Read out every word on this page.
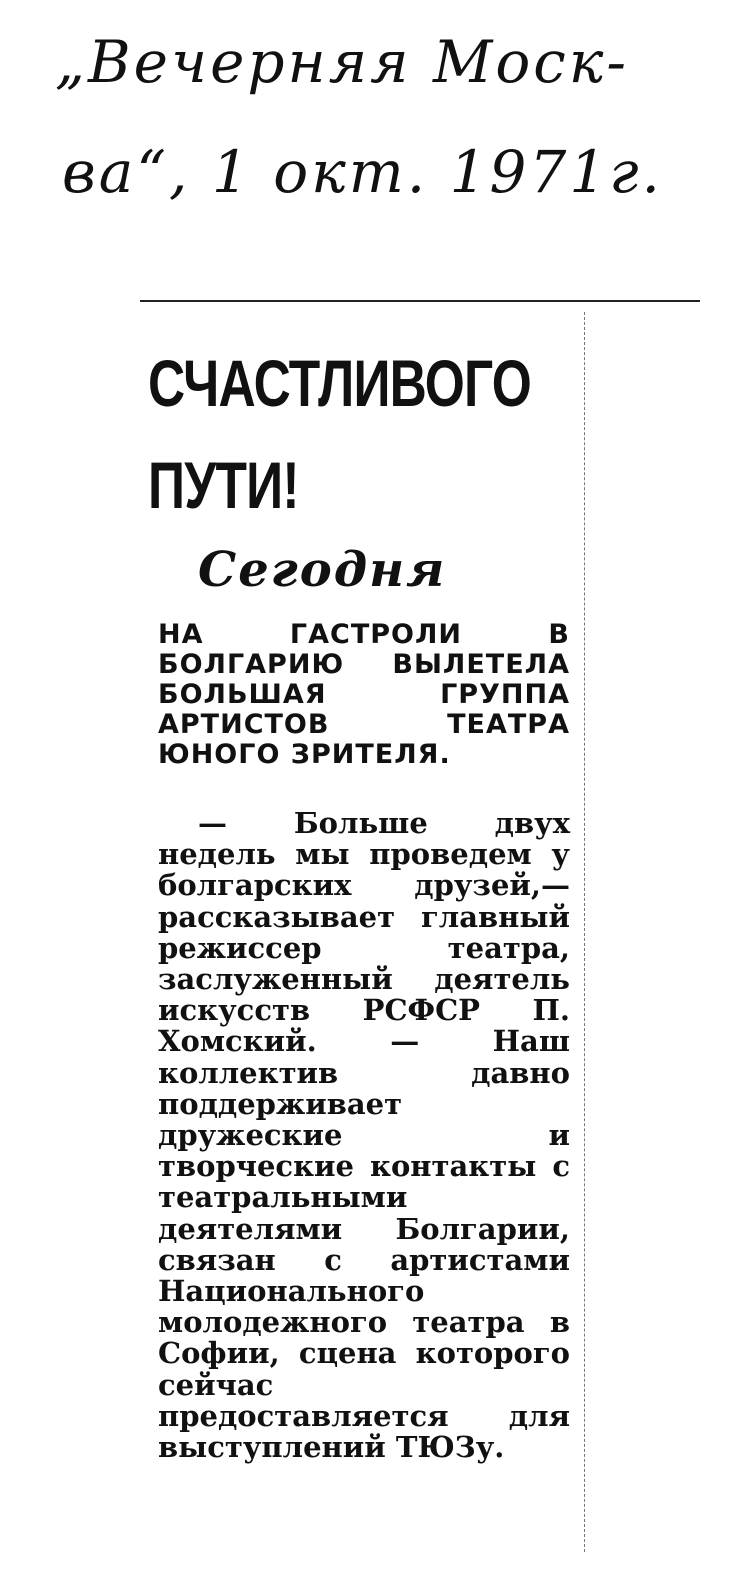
„Вечерняя Моск-
ва“, 1 окт. 1971г.
СЧАСТЛИВОГО
ПУТИ!
Сегодня
НА ГАСТРОЛИ В БОЛГАРИЮ ВЫЛЕТЕЛА БОЛЬШАЯ ГРУППА АРТИСТОВ ТЕАТРА ЮНОГО ЗРИТЕЛЯ.
— Больше двух недель мы проведем у болгарских друзей,— рассказывает главный режиссер театра, заслуженный деятель искусств РСФСР П. Хомский. — Наш коллектив давно поддерживает дружеские и творческие контакты с театральными деятелями Болгарии, связан с артистами Национального молодежного театра в Софии, сцена которого сейчас предоставляется для выступлений ТЮЗу.
